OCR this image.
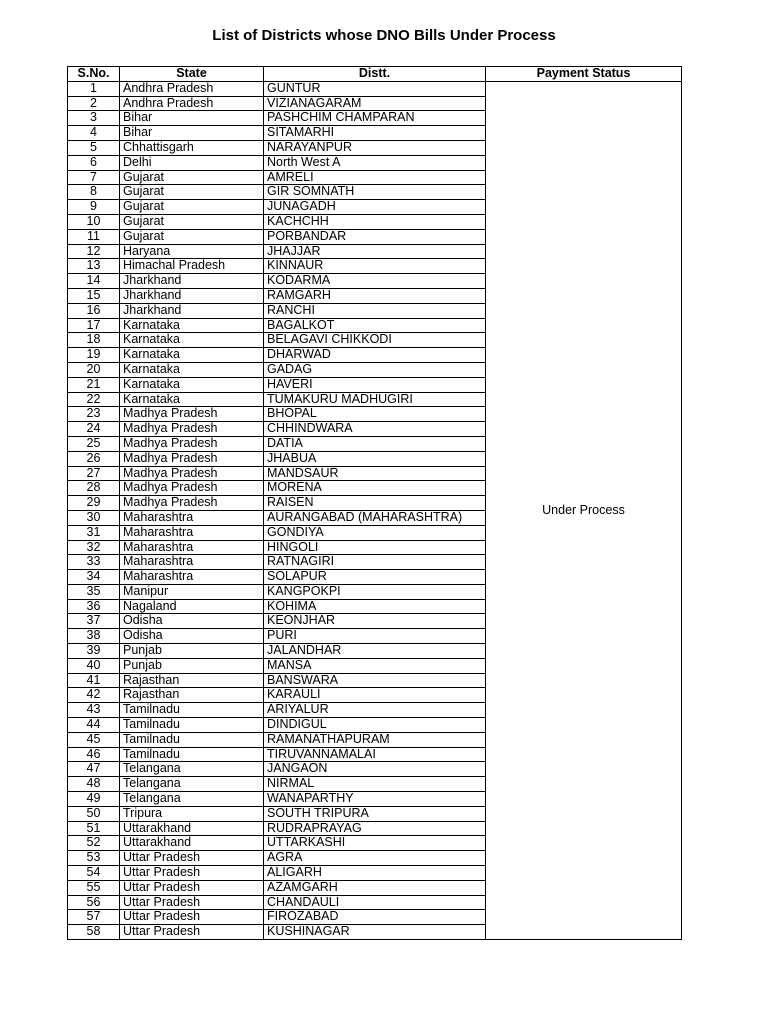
List of Districts whose DNO Bills Under Process
S.No.	State	Distt.	Payment Status
1	Andhra Pradesh	GUNTUR	Under Process
2	Andhra Pradesh	VIZIANAGARAM	
3	Bihar	PASHCHIM CHAMPARAN	
4	Bihar	SITAMARHI	
5	Chhattisgarh	NARAYANPUR	
6	Delhi	North West A	
7	Gujarat	AMRELI	
8	Gujarat	GIR SOMNATH	
9	Gujarat	JUNAGADH	
10	Gujarat	KACHCHH	
11	Gujarat	PORBANDAR	
12	Haryana	JHAJJAR	
13	Himachal Pradesh	KINNAUR	
14	Jharkhand	KODARMA	
15	Jharkhand	RAMGARH	
16	Jharkhand	RANCHI	
17	Karnataka	BAGALKOT	
18	Karnataka	BELAGAVI CHIKKODI	
19	Karnataka	DHARWAD	
20	Karnataka	GADAG	
21	Karnataka	HAVERI	
22	Karnataka	TUMAKURU MADHUGIRI	
23	Madhya Pradesh	BHOPAL	
24	Madhya Pradesh	CHHINDWARA	
25	Madhya Pradesh	DATIA	
26	Madhya Pradesh	JHABUA	
27	Madhya Pradesh	MANDSAUR	
28	Madhya Pradesh	MORENA	
29	Madhya Pradesh	RAISEN	
30	Maharashtra	AURANGABAD (MAHARASHTRA)	
31	Maharashtra	GONDIYA	
32	Maharashtra	HINGOLI	
33	Maharashtra	RATNAGIRI	
34	Maharashtra	SOLAPUR	
35	Manipur	KANGPOKPI	
36	Nagaland	KOHIMA	
37	Odisha	KEONJHAR	
38	Odisha	PURI	
39	Punjab	JALANDHAR	
40	Punjab	MANSA	
41	Rajasthan	BANSWARA	
42	Rajasthan	KARAULI	
43	Tamilnadu	ARIYALUR	
44	Tamilnadu	DINDIGUL	
45	Tamilnadu	RAMANATHAPURAM	
46	Tamilnadu	TIRUVANNAMALAI	
47	Telangana	JANGAON	
48	Telangana	NIRMAL	
49	Telangana	WANAPARTHY	
50	Tripura	SOUTH TRIPURA	
51	Uttarakhand	RUDRAPRAYAG	
52	Uttarakhand	UTTARKASHI	
53	Uttar Pradesh	AGRA	
54	Uttar Pradesh	ALIGARH	
55	Uttar Pradesh	AZAMGARH	
56	Uttar Pradesh	CHANDAULI	
57	Uttar Pradesh	FIROZABAD	
58	Uttar Pradesh	KUSHINAGAR	
